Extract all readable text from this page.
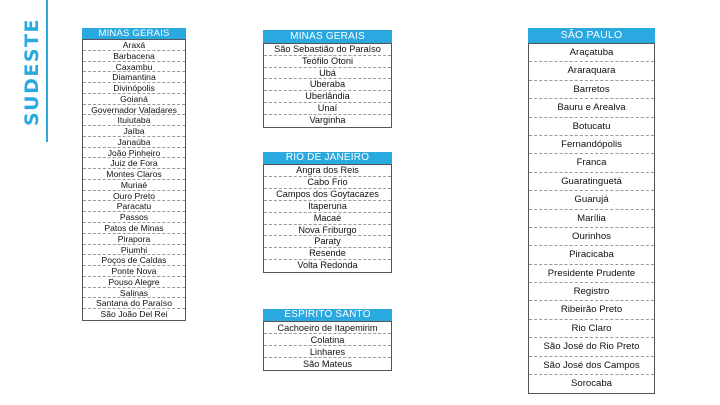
SUDESTE	MINAS GERAIS
Araxá
Barbacena
Caxambu
Diamantina
Divinópolis
Goianá
Governador Valadares
Ituiutaba
Jaíba
Janaúba
João Pinheiro
Juiz de Fora
Montes Claros
Muriaé
Ouro Preto
Paracatu
Passos
Patos de Minas
Pirapora
Piumhi
Poços de Caldas
Ponte Nova
Pouso Alegre
Salinas
Santana do Paraíso
São João Del Rei
MINAS GERAIS
São Sebastião do Paraíso
Teófilo Otoni
Ubá
Uberaba
Uberlândia
Unaí
Varginha
RIO DE JANEIRO
Angra dos Reis
Cabo Frio
Campos dos Goytacazes
Itaperuna
Macaé
Nova Friburgo
Paraty
Resende
Volta Redonda
ESPÍRITO SANTO
Cachoeiro de Itapemirim
Colatina
Linhares
São Mateus
SÃO PAULO
Araçatuba
Araraquara
Barretos
Bauru e Arealva
Botucatu
Fernandópolis
Franca
Guaratinguetá
Guarujá
Marília
Ourinhos
Piracicaba
Presidente Prudente
Registro
Ribeirão Preto
Rio Claro
São José do Rio Preto
São José dos Campos
Sorocaba
